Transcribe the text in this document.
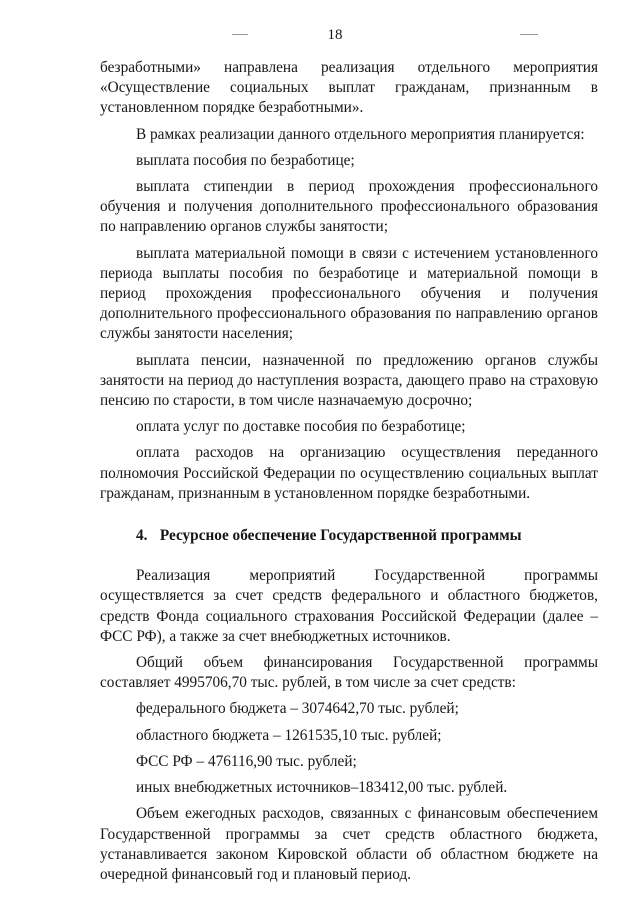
18

безработными» направлена реализация отдельного мероприятия «Осуществление социальных выплат гражданам, признанным в установленном порядке безработными».

В рамках реализации данного отдельного мероприятия планируется:

выплата пособия по безработице;

выплата стипендии в период прохождения профессионального обучения и получения дополнительного профессионального образования по направлению органов службы занятости;

выплата материальной помощи в связи с истечением установленного периода выплаты пособия по безработице и материальной помощи в период прохождения профессионального обучения и получения дополнительного профессионального образования по направлению органов службы занятости населения;

выплата пенсии, назначенной по предложению органов службы занятости на период до наступления возраста, дающего право на страховую пенсию по старости, в том числе назначаемую досрочно;

оплата услуг по доставке пособия по безработице;

оплата расходов на организацию осуществления переданного полномочия Российской Федерации по осуществлению социальных выплат гражданам, признанным в установленном порядке безработными.

4. Ресурсное обеспечение Государственной программы

Реализация мероприятий Государственной программы осуществляется за счет средств федерального и областного бюджетов, средств Фонда социального страхования Российской Федерации (далее – ФСС РФ), а также за счет внебюджетных источников.

Общий объем финансирования Государственной программы составляет 4995706,70 тыс. рублей, в том числе за счет средств:

федерального бюджета – 3074642,70 тыс. рублей;

областного бюджета – 1261535,10 тыс. рублей;

ФСС РФ – 476116,90 тыс. рублей;

иных внебюджетных источников–183412,00 тыс. рублей.

Объем ежегодных расходов, связанных с финансовым обеспечением Государственной программы за счет средств областного бюджета, устанавливается законом Кировской области об областном бюджете на очередной финансовый год и плановый период.
